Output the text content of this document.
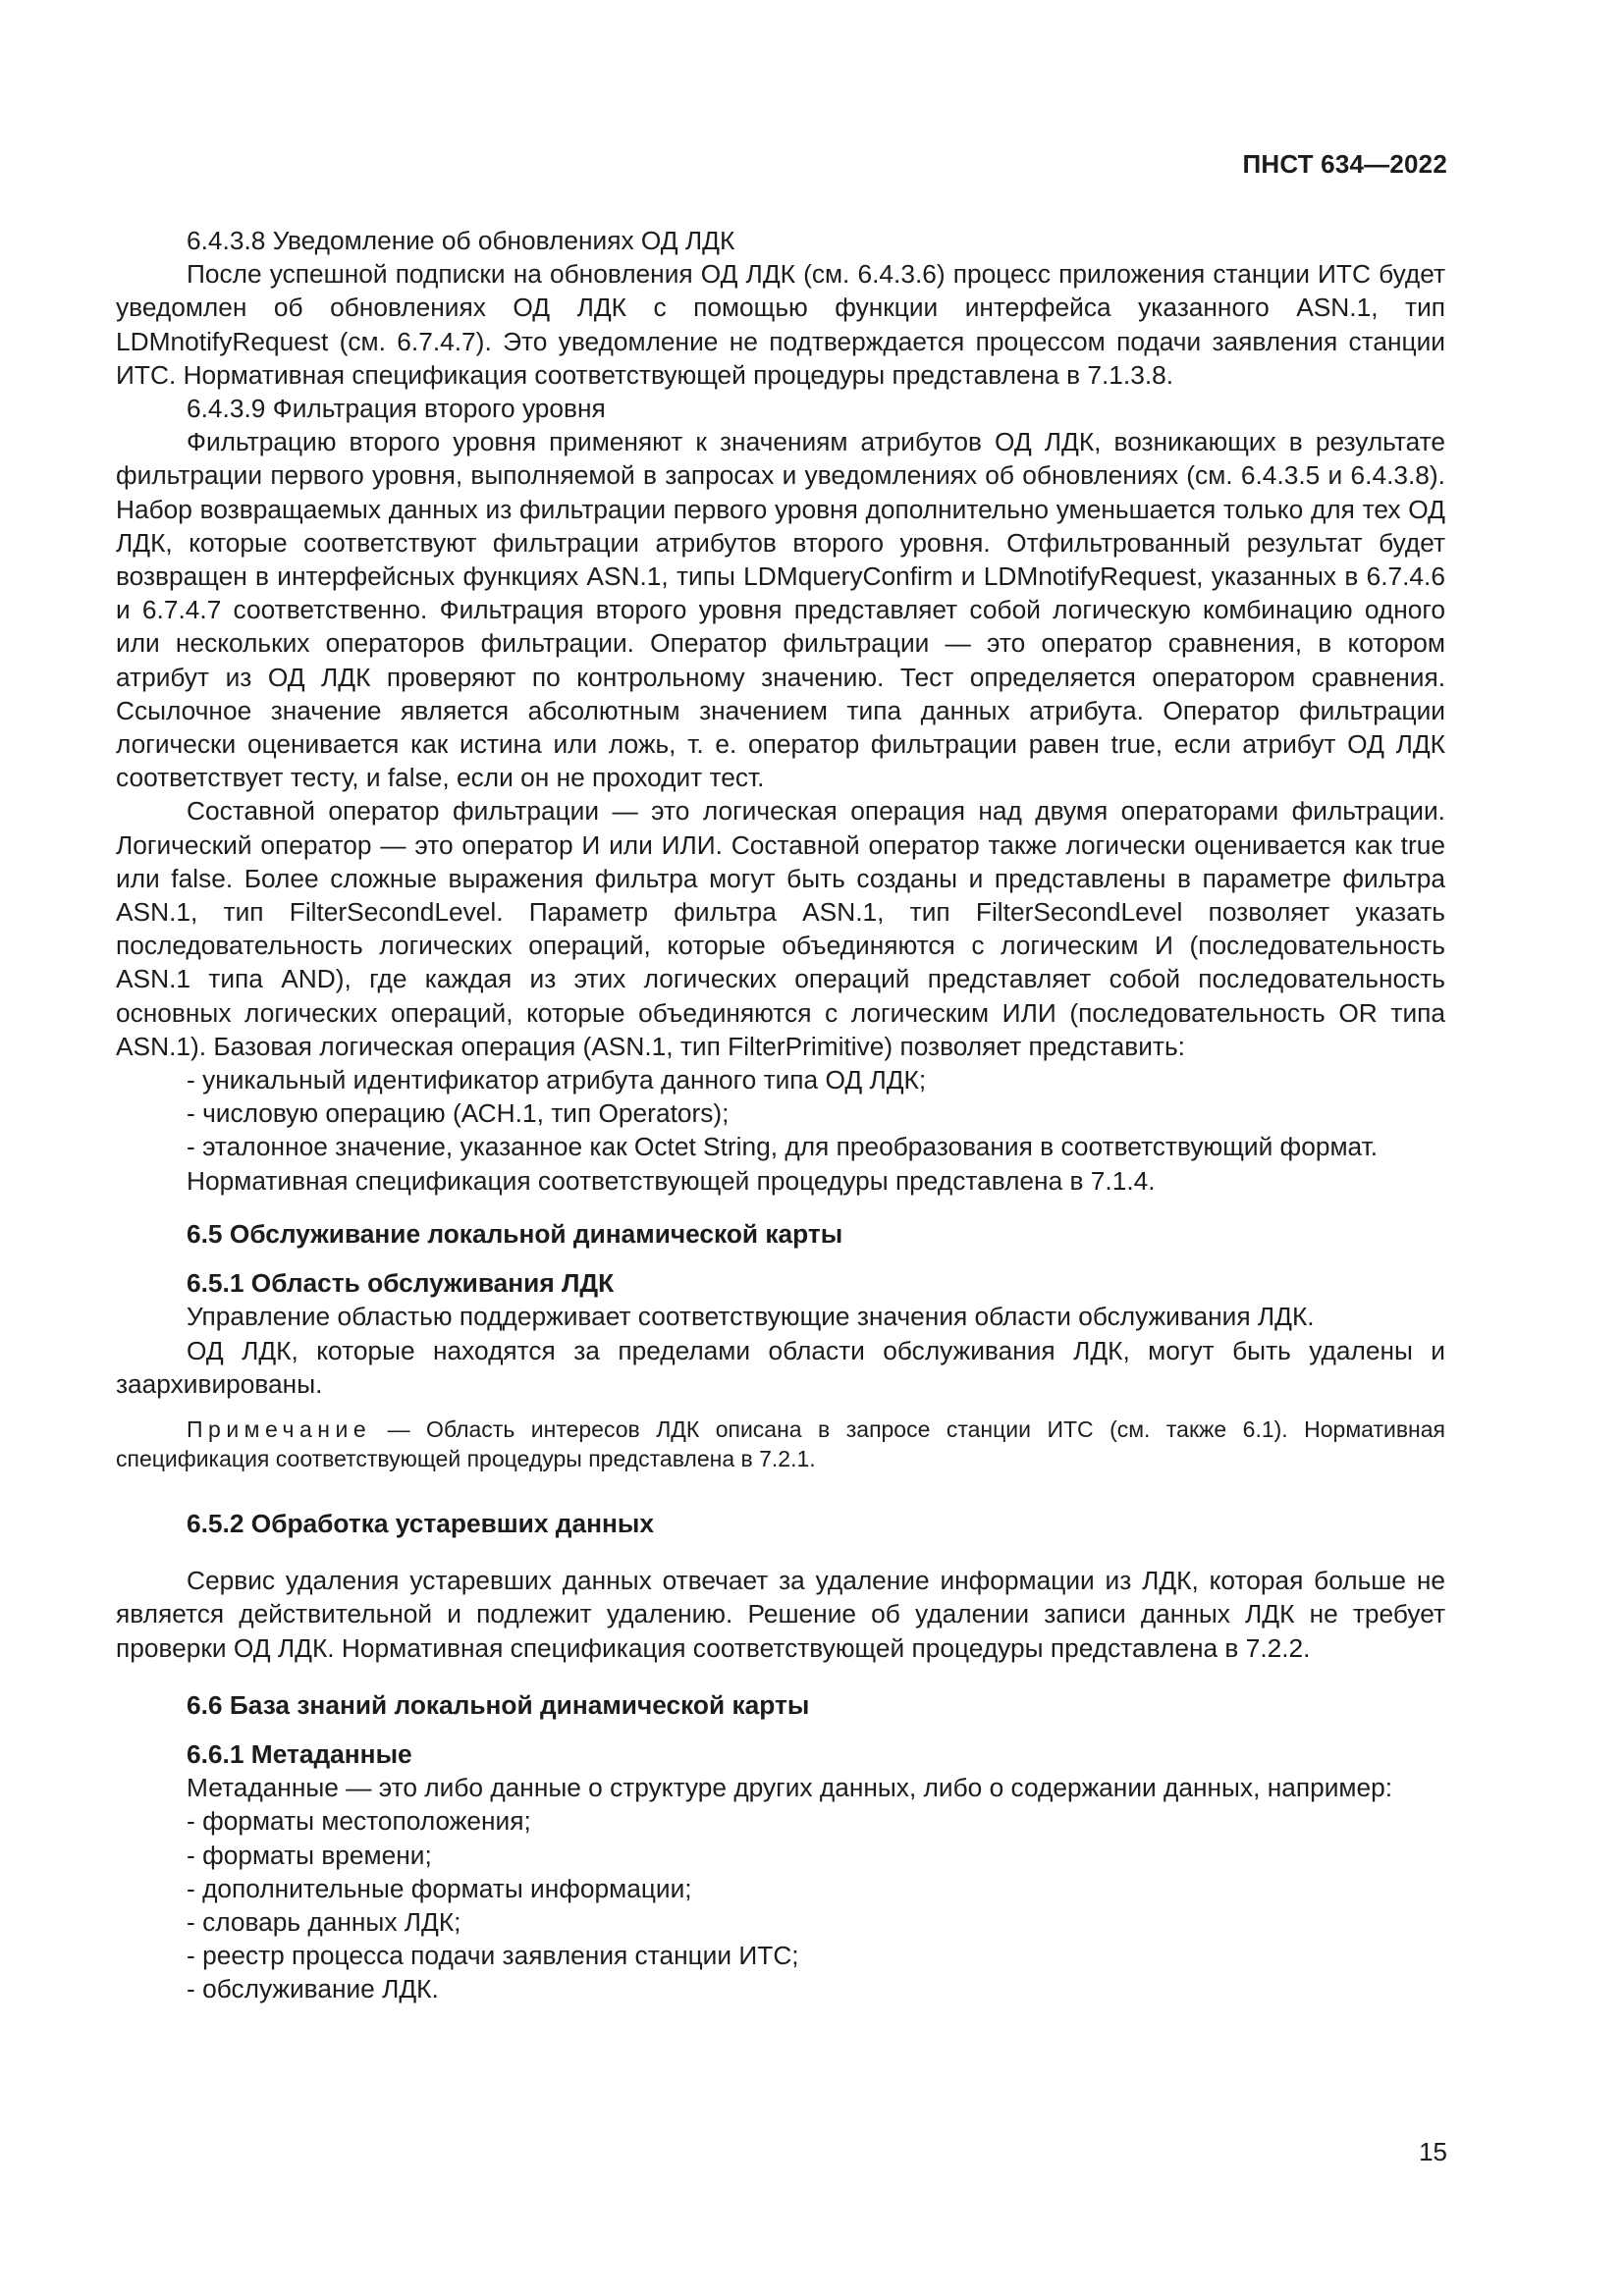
ПНСТ 634—2022

6.4.3.8 Уведомление об обновлениях ОД ЛДК

После успешной подписки на обновления ОД ЛДК (см. 6.4.3.6) процесс приложения станции ИТС будет уведомлен об обновлениях ОД ЛДК с помощью функции интерфейса указанного ASN.1, тип LDMnotifyRequest (см. 6.7.4.7). Это уведомление не подтверждается процессом подачи заявления станции ИТС. Нормативная спецификация соответствующей процедуры представлена в 7.1.3.8.

6.4.3.9 Фильтрация второго уровня

Фильтрацию второго уровня применяют к значениям атрибутов ОД ЛДК, возникающих в результате фильтрации первого уровня, выполняемой в запросах и уведомлениях об обновлениях (см. 6.4.3.5 и 6.4.3.8). Набор возвращаемых данных из фильтрации первого уровня дополнительно уменьшается только для тех ОД ЛДК, которые соответствуют фильтрации атрибутов второго уровня. Отфильтрованный результат будет возвращен в интерфейсных функциях ASN.1, типы LDMqueryConfirm и LDMnotifyRequest, указанных в 6.7.4.6 и 6.7.4.7 соответственно. Фильтрация второго уровня представляет собой логическую комбинацию одного или нескольких операторов фильтрации. Оператор фильтрации — это оператор сравнения, в котором атрибут из ОД ЛДК проверяют по контрольному значению. Тест определяется оператором сравнения. Ссылочное значение является абсолютным значением типа данных атрибута. Оператор фильтрации логически оценивается как истина или ложь, т. е. оператор фильтрации равен true, если атрибут ОД ЛДК соответствует тесту, и false, если он не проходит тест.

Составной оператор фильтрации — это логическая операция над двумя операторами фильтрации. Логический оператор — это оператор И или ИЛИ. Составной оператор также логически оценивается как true или false. Более сложные выражения фильтра могут быть созданы и представлены в параметре фильтра ASN.1, тип FilterSecondLevel. Параметр фильтра ASN.1, тип FilterSecondLevel позволяет указать последовательность логических операций, которые объединяются с логическим И (последовательность ASN.1 типа AND), где каждая из этих логических операций представляет собой последовательность основных логических операций, которые объединяются с логическим ИЛИ (последовательность OR типа ASN.1). Базовая логическая операция (ASN.1, тип FilterPrimitive) позволяет представить:

- уникальный идентификатор атрибута данного типа ОД ЛДК;

- числовую операцию (АСН.1, тип Operators);

- эталонное значение, указанное как Octet String, для преобразования в соответствующий формат.

Нормативная спецификация соответствующей процедуры представлена в 7.1.4.

6.5 Обслуживание локальной динамической карты

6.5.1 Область обслуживания ЛДК

Управление областью поддерживает соответствующие значения области обслуживания ЛДК.

ОД ЛДК, которые находятся за пределами области обслуживания ЛДК, могут быть удалены и заархивированы.

Примечание — Область интересов ЛДК описана в запросе станции ИТС (см. также 6.1). Нормативная спецификация соответствующей процедуры представлена в 7.2.1.

6.5.2 Обработка устаревших данных

Сервис удаления устаревших данных отвечает за удаление информации из ЛДК, которая больше не является действительной и подлежит удалению. Решение об удалении записи данных ЛДК не требует проверки ОД ЛДК. Нормативная спецификация соответствующей процедуры представлена в 7.2.2.

6.6 База знаний локальной динамической карты

6.6.1 Метаданные

Метаданные — это либо данные о структуре других данных, либо о содержании данных, например:

- форматы местоположения;

- форматы времени;

- дополнительные форматы информации;

- словарь данных ЛДК;

- реестр процесса подачи заявления станции ИТС;

- обслуживание ЛДК.

15
